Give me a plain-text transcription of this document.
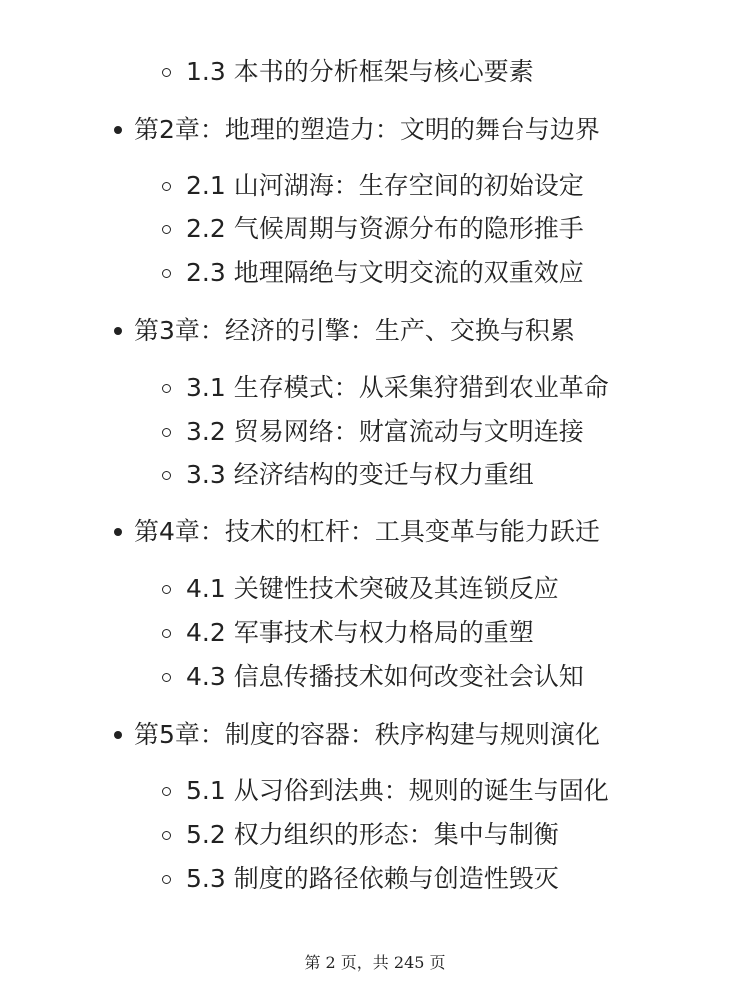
1.3 本书的分析框架与核心要素
第2章：地理的塑造力：文明的舞台与边界
2.1 山河湖海：生存空间的初始设定
2.2 气候周期与资源分布的隐形推手
2.3 地理隔绝与文明交流的双重效应
第3章：经济的引擎：生产、交换与积累
3.1 生存模式：从采集狩猎到农业革命
3.2 贸易网络：财富流动与文明连接
3.3 经济结构的变迁与权力重组
第4章：技术的杠杆：工具变革与能力跃迁
4.1 关键性技术突破及其连锁反应
4.2 军事技术与权力格局的重塑
4.3 信息传播技术如何改变社会认知
第5章：制度的容器：秩序构建与规则演化
5.1 从习俗到法典：规则的诞生与固化
5.2 权力组织的形态：集中与制衡
5.3 制度的路径依赖与创造性毁灭
第 2 页，共 245 页
